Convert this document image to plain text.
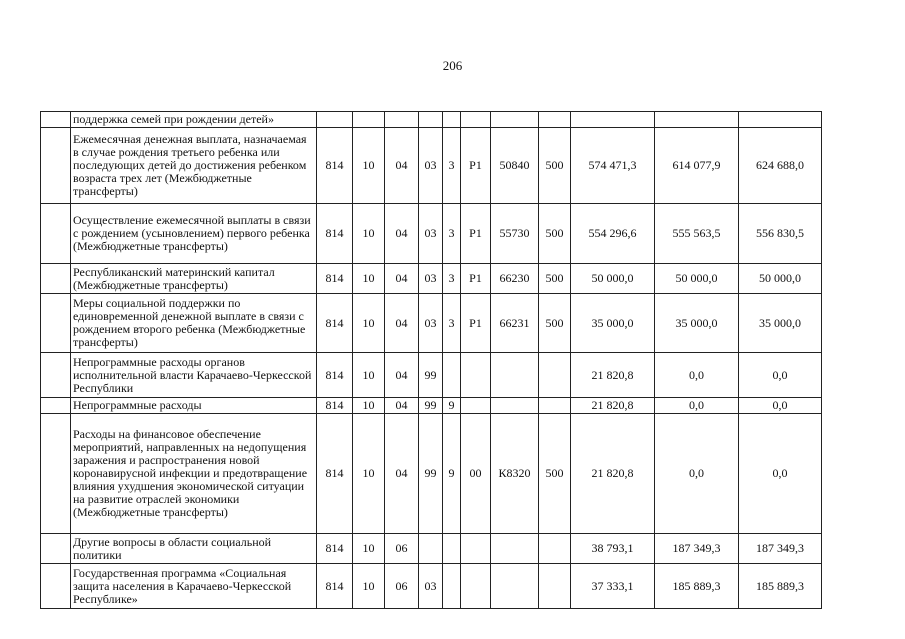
206
	поддержка семей при рождении детей»											
	Ежемесячная денежная выплата, назначаемая в случае рождения третьего ребенка или последующих детей до достижения ребенком возраста трех лет (Межбюджетные трансферты)	814	10	04	03	3	P1	50840	500	574 471,3	614 077,9	624 688,0
	Осуществление ежемесячной выплаты в связи с рождением (усыновлением) первого ребенка (Межбюджетные трансферты)	814	10	04	03	3	P1	55730	500	554 296,6	555 563,5	556 830,5
	Республиканский материнский капитал (Межбюджетные трансферты)	814	10	04	03	3	P1	66230	500	50 000,0	50 000,0	50 000,0
	Меры социальной поддержки по единовременной денежной выплате в связи с рождением второго ребенка (Межбюджетные трансферты)	814	10	04	03	3	P1	66231	500	35 000,0	35 000,0	35 000,0
	Непрограммные расходы органов исполнительной власти Карачаево-Черкесской Республики	814	10	04	99					21 820,8	0,0	0,0
	Непрограммные расходы	814	10	04	99	9				21 820,8	0,0	0,0
	Расходы на финансовое обеспечение мероприятий, направленных на недопущения заражения и распространения новой коронавирусной инфекции и предотвращение влияния ухудшения экономической ситуации на развитие отраслей экономики (Межбюджетные трансферты)	814	10	04	99	9	00	К8320	500	21 820,8	0,0	0,0
	Другие вопросы в области социальной политики	814	10	06						38 793,1	187 349,3	187 349,3
	Государственная программа «Социальная защита населения в Карачаево-Черкесской Республике»	814	10	06	03					37 333,1	185 889,3	185 889,3
